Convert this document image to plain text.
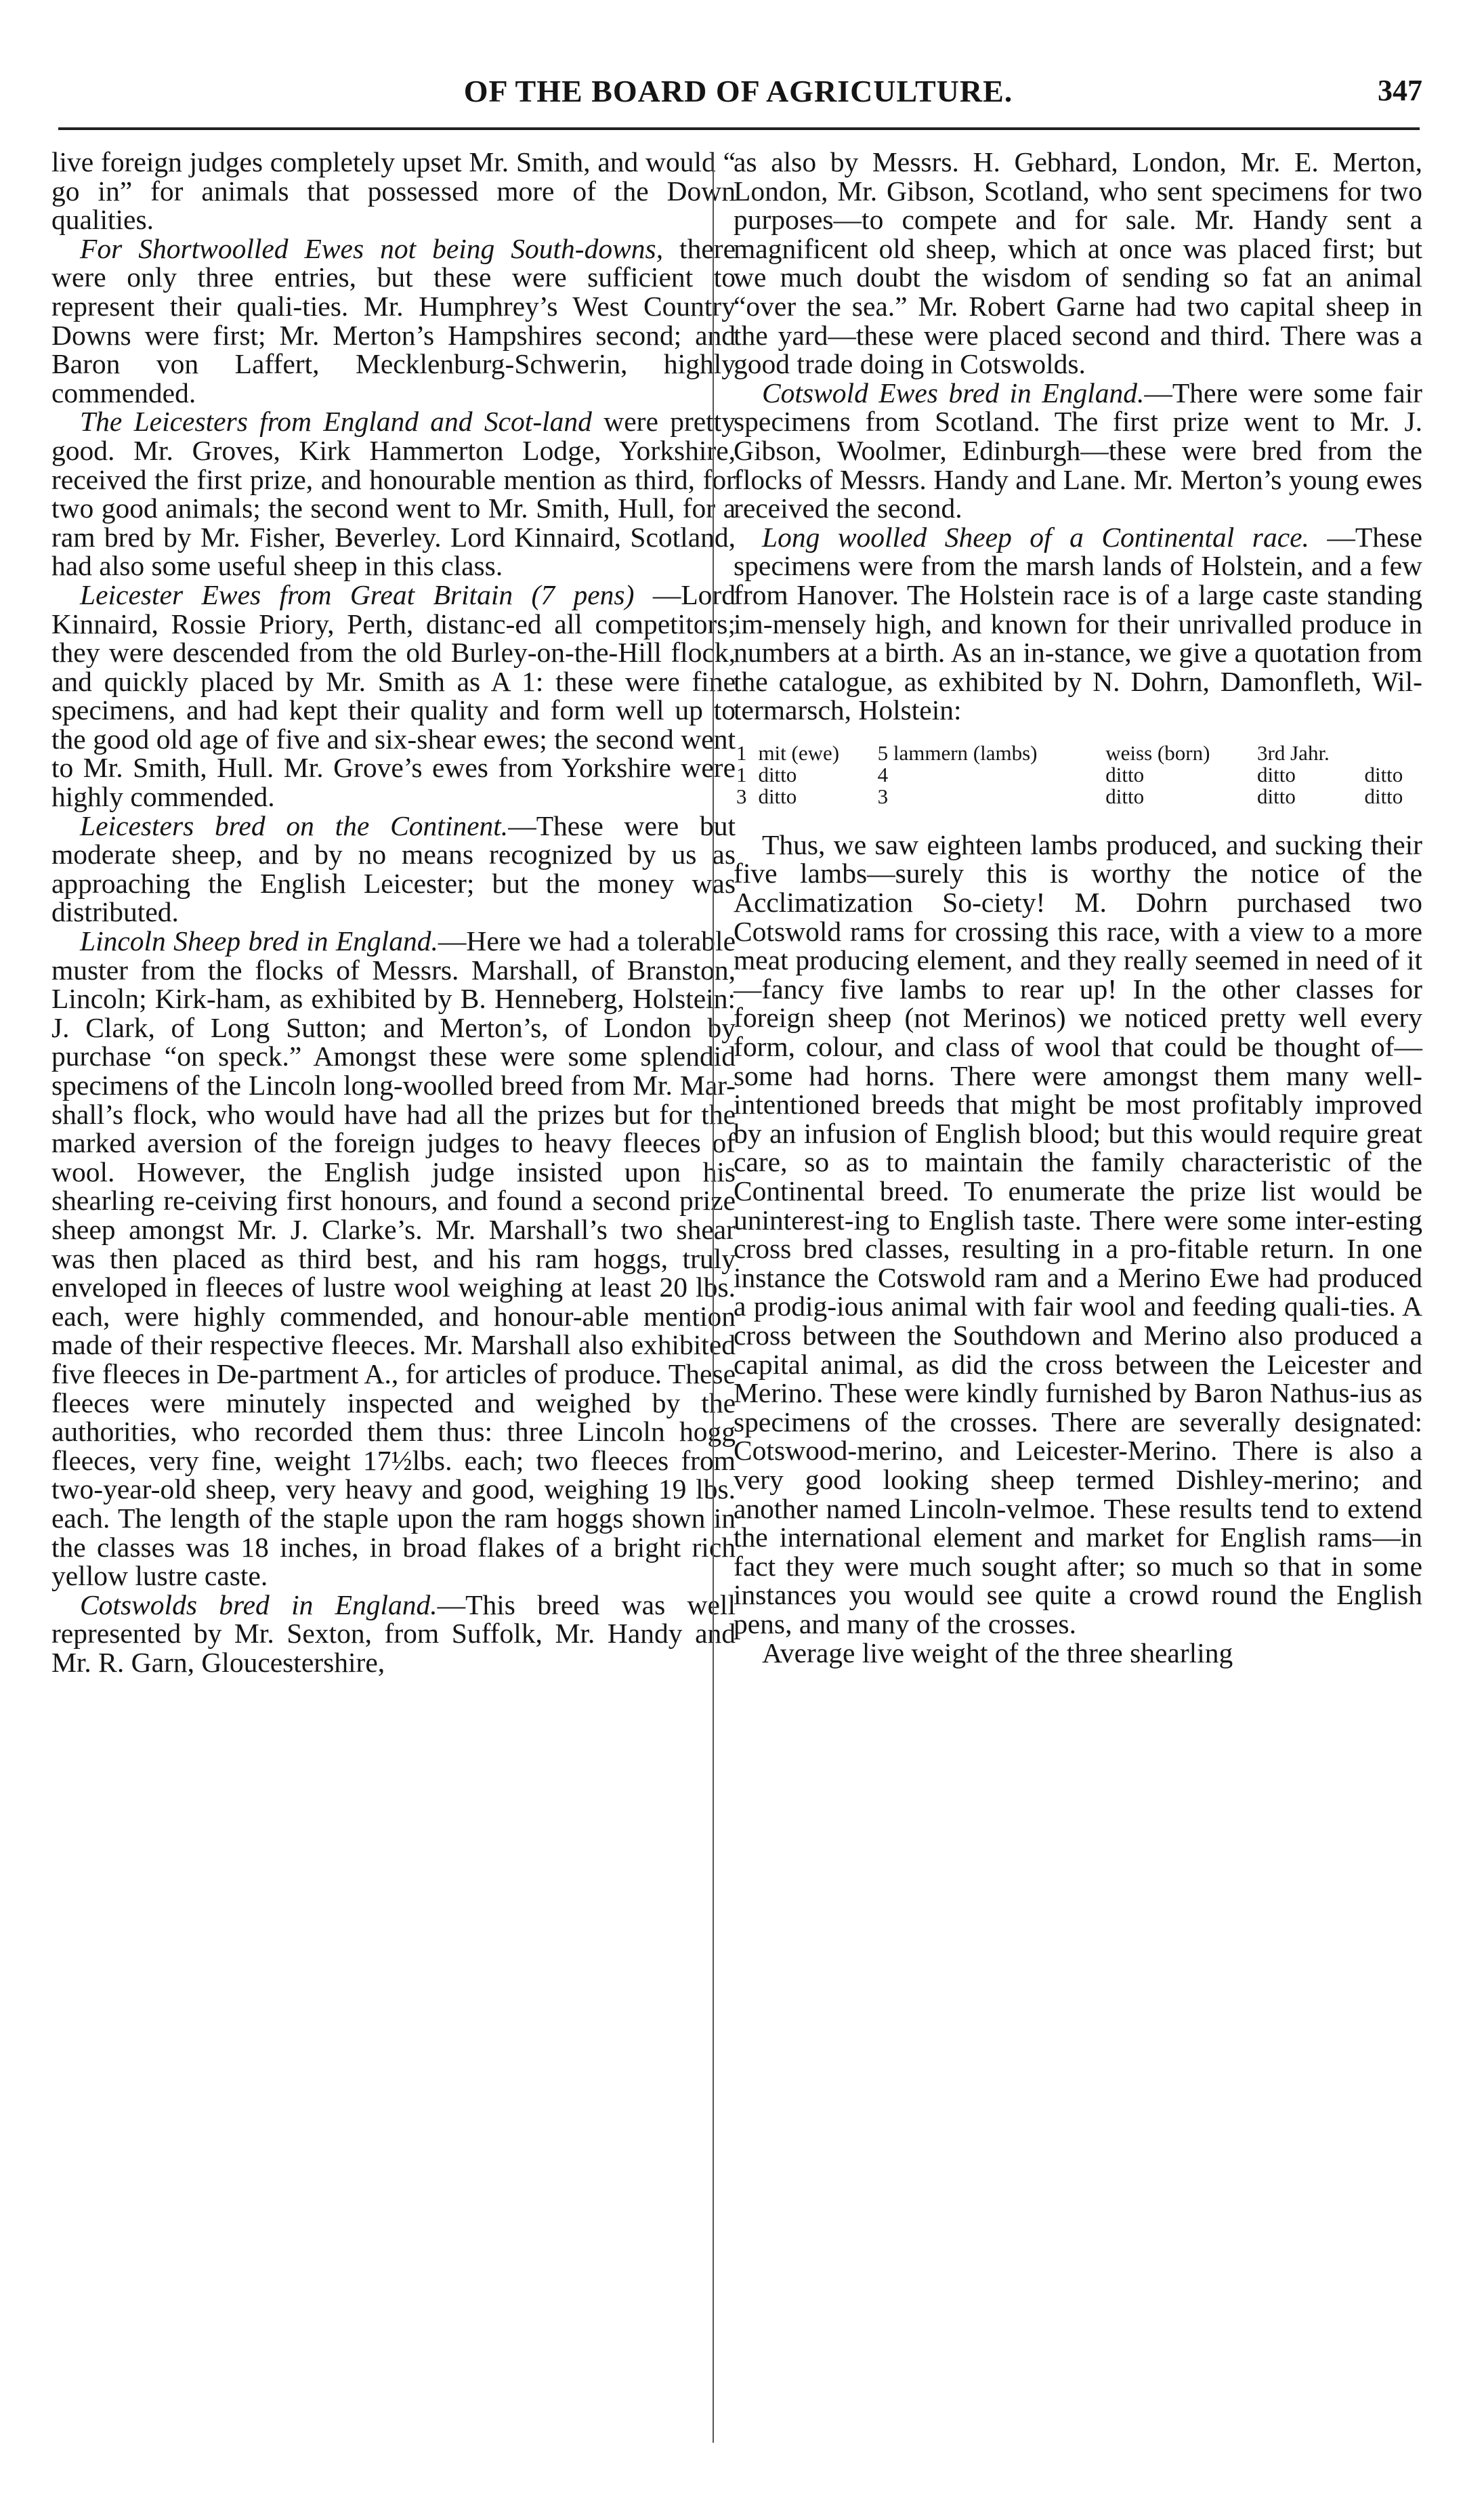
OF THE BOARD OF AGRICULTURE.	347

live foreign judges completely upset Mr. Smith, and would “ go in” for animals that possessed more of the Down qualities.

For Shortwoolled Ewes not being South-downs, there were only three entries, but these were sufficient to represent their quali-ties. Mr. Humphrey’s West Country Downs were first; Mr. Merton’s Hampshires second; and Baron von Laffert, Mecklenburg-Schwerin, highly commended.

The Leicesters from England and Scot-land were pretty good. Mr. Groves, Kirk Hammerton Lodge, Yorkshire, received the first prize, and honourable mention as third, for two good animals; the second went to Mr. Smith, Hull, for a ram bred by Mr. Fisher, Beverley. Lord Kinnaird, Scotland, had also some useful sheep in this class.

Leicester Ewes from Great Britain (7 pens) —Lord Kinnaird, Rossie Priory, Perth, distanc-ed all competitors; they were descended from the old Burley-on-the-Hill flock, and quickly placed by Mr. Smith as A 1: these were fine specimens, and had kept their quality and form well up to the good old age of five and six-shear ewes; the second went to Mr. Smith, Hull. Mr. Grove’s ewes from Yorkshire were highly commended.

Leicesters bred on the Continent.—These were but moderate sheep, and by no means recognized by us as approaching the English Leicester; but the money was distributed.

Lincoln Sheep bred in England.—Here we had a tolerable muster from the flocks of Messrs. Marshall, of Branston, Lincoln; Kirk-ham, as exhibited by B. Henneberg, Holstein: J. Clark, of Long Sutton; and Merton’s, of London by purchase “on speck.” Amongst these were some splendid specimens of the Lincoln long-woolled breed from Mr. Mar-shall’s flock, who would have had all the prizes but for the marked aversion of the foreign judges to heavy fleeces of wool. However, the English judge insisted upon his shearling re-ceiving first honours, and found a second prize sheep amongst Mr. J. Clarke’s. Mr. Marshall’s two shear was then placed as third best, and his ram hoggs, truly enveloped in fleeces of lustre wool weighing at least 20 lbs. each, were highly commended, and honour-able mention made of their respective fleeces. Mr. Marshall also exhibited five fleeces in De-partment A., for articles of produce. These fleeces were minutely inspected and weighed by the authorities, who recorded them thus: three Lincoln hogg fleeces, very fine, weight 17½lbs. each; two fleeces from two-year-old sheep, very heavy and good, weighing 19 lbs. each. The length of the staple upon the ram hoggs shown in the classes was 18 inches, in broad flakes of a bright rich yellow lustre caste.

Cotswolds bred in England.—This breed was well represented by Mr. Sexton, from Suffolk, Mr. Handy and Mr. R. Garn, Gloucestershire,

as also by Messrs. H. Gebhard, London, Mr. E. Merton, London, Mr. Gibson, Scotland, who sent specimens for two purposes—to compete and for sale. Mr. Handy sent a magnificent old sheep, which at once was placed first; but we much doubt the wisdom of sending so fat an animal “over the sea.” Mr. Robert Garne had two capital sheep in the yard—these were placed second and third. There was a good trade doing in Cotswolds.

Cotswold Ewes bred in England.—There were some fair specimens from Scotland. The first prize went to Mr. J. Gibson, Woolmer, Edinburgh—these were bred from the flocks of Messrs. Handy and Lane. Mr. Merton’s young ewes received the second.

Long woolled Sheep of a Continental race. —These specimens were from the marsh lands of Holstein, and a few from Hanover. The Holstein race is of a large caste standing im-mensely high, and known for their unrivalled produce in numbers at a birth. As an in-stance, we give a quotation from the catalogue, as exhibited by N. Dohrn, Damonfleth, Wil-termarsch, Holstein:

1	mit (ewe)	5 lammern (lambs)	weiss (born)	3rd Jahr.	
1	ditto	4	ditto	ditto	ditto
3	ditto	3	ditto	ditto	ditto

Thus, we saw eighteen lambs produced, and sucking their five lambs—surely this is worthy the notice of the Acclimatization So-ciety! M. Dohrn purchased two Cotswold rams for crossing this race, with a view to a more meat producing element, and they really seemed in need of it—fancy five lambs to rear up! In the other classes for foreign sheep (not Merinos) we noticed pretty well every form, colour, and class of wool that could be thought of—some had horns. There were amongst them many well-intentioned breeds that might be most profitably improved by an infusion of English blood; but this would require great care, so as to maintain the family characteristic of the Continental breed. To enumerate the prize list would be uninterest-ing to English taste. There were some inter-esting cross bred classes, resulting in a pro-fitable return. In one instance the Cotswold ram and a Merino Ewe had produced a prodig-ious animal with fair wool and feeding quali-ties. A cross between the Southdown and Merino also produced a capital animal, as did the cross between the Leicester and Merino. These were kindly furnished by Baron Nathus-ius as specimens of the crosses. There are severally designated: Cotswood-merino, and Leicester-Merino. There is also a very good looking sheep termed Dishley-merino; and another named Lincoln-velmoe. These results tend to extend the international element and market for English rams—in fact they were much sought after; so much so that in some instances you would see quite a crowd round the English pens, and many of the crosses.

Average live weight of the three shearling
